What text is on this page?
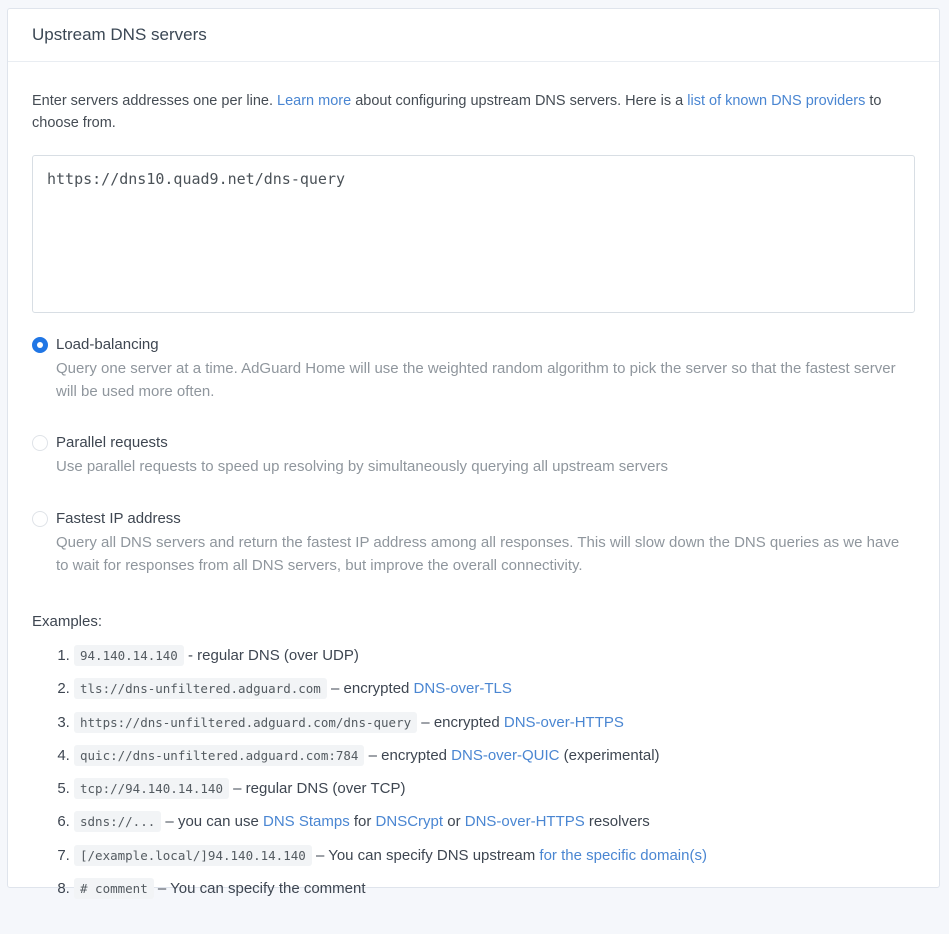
Upstream DNS servers

Enter servers addresses one per line. Learn more about configuring upstream DNS servers. Here is a list of known DNS providers to choose from.

https://dns10.quad9.net/dns-query
Load-balancing
Query one server at a time. AdGuard Home will use the weighted random algorithm to pick the server so that the fastest server will be used more often.
Parallel requests
Use parallel requests to speed up resolving by simultaneously querying all upstream servers
Fastest IP address
Query all DNS servers and return the fastest IP address among all responses. This will slow down the DNS queries as we have to wait for responses from all DNS servers, but improve the overall connectivity.

Examples:

1. 94.140.14.140 - regular DNS (over UDP)
2. tls://dns-unfiltered.adguard.com – encrypted DNS-over-TLS
3. https://dns-unfiltered.adguard.com/dns-query – encrypted DNS-over-HTTPS
4. quic://dns-unfiltered.adguard.com:784 – encrypted DNS-over-QUIC (experimental)
5. tcp://94.140.14.140 – regular DNS (over TCP)
6. sdns://... – you can use DNS Stamps for DNSCrypt or DNS-over-HTTPS resolvers
7. [/example.local/]94.140.14.140 – You can specify DNS upstream for the specific domain(s)
8. # comment – You can specify the comment
